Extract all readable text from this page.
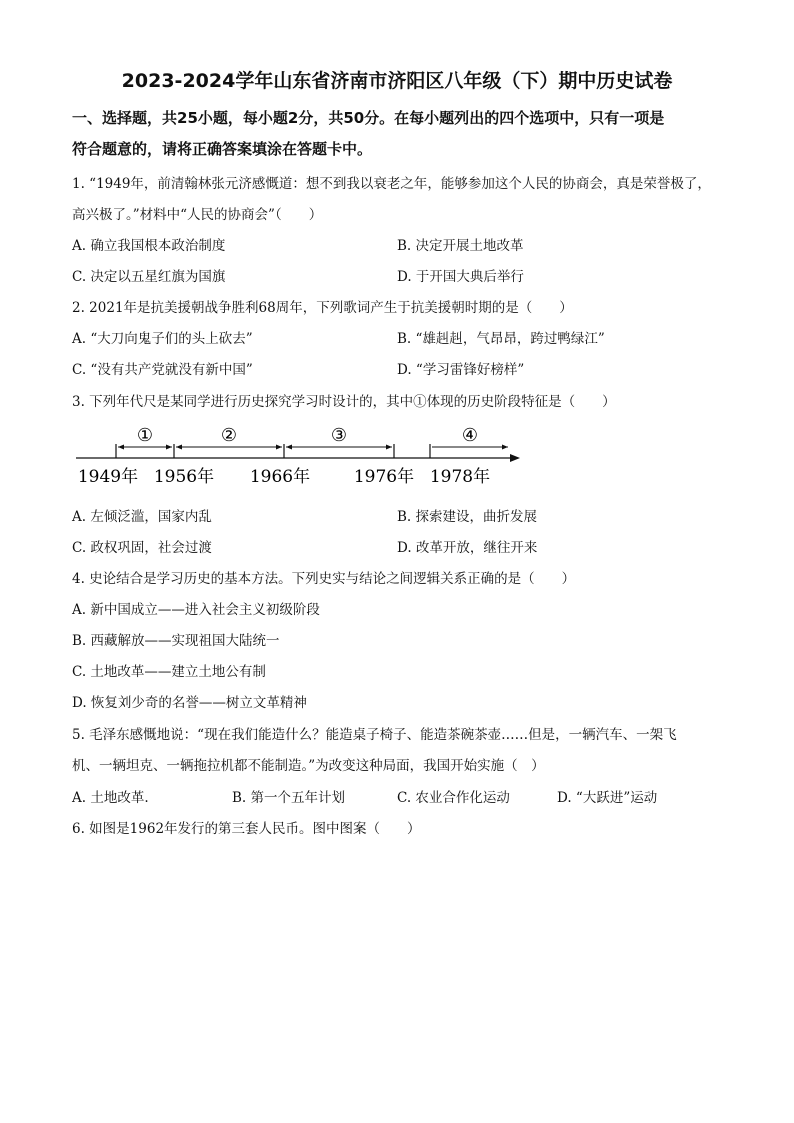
2023-2024学年山东省济南市济阳区八年级（下）期中历史试卷
一、选择题，共25小题，每小题2分，共50分。在每小题列出的四个选项中，只有一项是
符合题意的，请将正确答案填涂在答题卡中。
1. “1949年，前清翰林张元济感慨道：想不到我以衰老之年，能够参加这个人民的协商会，真是荣誉极了，
高兴极了。”材料中“人民的协商会”（　　）
A. 确立我国根本政治制度	B. 决定开展土地改革
C. 决定以五星红旗为国旗	D. 于开国大典后举行
2. 2021年是抗美援朝战争胜利68周年，下列歌词产生于抗美援朝时期的是（　　）
A. “大刀向鬼子们的头上砍去”	B. “雄赳赳，气昂昂，跨过鸭绿江”
C. “没有共产党就没有新中国”	D. “学习雷锋好榜样”
3. 下列年代尺是某同学进行历史探究学习时设计的，其中①体现的历史阶段特征是（　　）
①	②	③	④
1949年 1956年 1966年	1976年 1978年
A. 左倾泛滥，国家内乱	B. 探索建设，曲折发展
C. 政权巩固，社会过渡	D. 改革开放，继往开来
4. 史论结合是学习历史的基本方法。下列史实与结论之间逻辑关系正确的是（　　）
A. 新中国成立——进入社会主义初级阶段
B. 西藏解放——实现祖国大陆统一
C. 土地改革——建立土地公有制
D. 恢复刘少奇的名誉——树立文革精神
5. 毛泽东感慨地说：“现在我们能造什么？能造桌子椅子、能造茶碗茶壶……但是，一辆汽车、一架飞
机、一辆坦克、一辆拖拉机都不能制造。”为改变这种局面，我国开始实施（　）
A. 土地改革.	B. 第一个五年计划	C. 农业合作化运动	D. “大跃进”运动
6. 如图是1962年发行的第三套人民币。图中图案（　　）
